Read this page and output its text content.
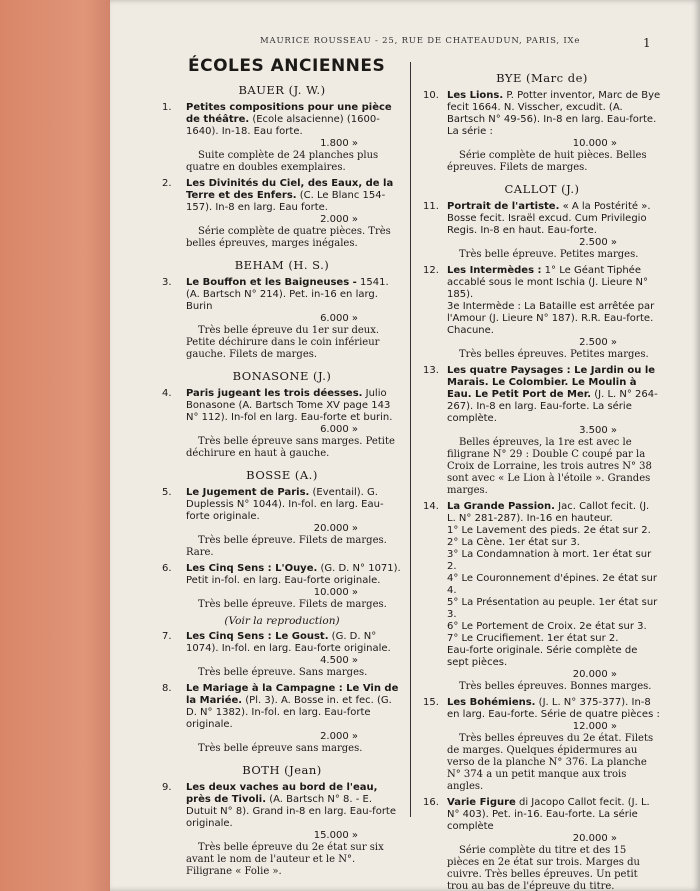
MAURICE ROUSSEAU - 25, RUE DE CHATEAUDUN, PARIS, IXe	1
ÉCOLES ANCIENNES
BAUER (J. W.)
1. Petites compositions pour une pièce de théâtre. (Ecole alsacienne) (1600-1640). In-18. Eau forte.
1.800 »
Suite complète de 24 planches plus quatre en doubles exemplaires.
2. Les Divinités du Ciel, des Eaux, de la Terre et des Enfers. (C. Le Blanc 154-157). In-8 en larg. Eau forte.
2.000 »
Série complète de quatre pièces. Très belles épreuves, marges inégales.
BEHAM (H. S.)
3. Le Bouffon et les Baigneuses - 1541. (A. Bartsch N° 214). Pet. in-16 en larg. Burin
6.000 »
Très belle épreuve du 1er sur deux. Petite déchirure dans le coin inférieur gauche. Filets de marges.
BONASONE (J.)
4. Paris jugeant les trois déesses. Julio Bonasone (A. Bartsch Tome XV page 143 N° 112). In-fol en larg. Eau-forte et burin.
6.000 »
Très belle épreuve sans marges. Petite déchirure en haut à gauche.
BOSSE (A.)
5. Le Jugement de Paris. (Eventail). G. Duplessis N° 1044). In-fol. en larg. Eau-forte originale.
20.000 »
Très belle épreuve. Filets de marges. Rare.
6. Les Cinq Sens : L'Ouye. (G. D. N° 1071). Petit in-fol. en larg. Eau-forte originale.
10.000 »
Très belle épreuve. Filets de marges.
(Voir la reproduction)
7. Les Cinq Sens : Le Goust. (G. D. N° 1074). In-fol. en larg. Eau-forte originale.
4.500 »
Très belle épreuve. Sans marges.
8. Le Mariage à la Campagne : Le Vin de la Mariée. (Pl. 3). A. Bosse in. et fec. (G. D. N° 1382). In-fol. en larg. Eau-forte originale.
2.000 »
Très belle épreuve sans marges.
BOTH (Jean)
9. Les deux vaches au bord de l'eau, près de Tivoli. (A. Bartsch N° 8. - E. Dutuit N° 8). Grand in-8 en larg. Eau-forte originale.
15.000 »
Très belle épreuve du 2e état sur six avant le nom de l'auteur et le N°. Filigrane « Folie ».
BYE (Marc de)
10. Les Lions. P. Potter inventor, Marc de Bye fecit 1664. N. Visscher, excudit. (A. Bartsch N° 49-56). In-8 en larg. Eau-forte. La série :
10.000 »
Série complète de huit pièces. Belles épreuves. Filets de marges.
CALLOT (J.)
11. Portrait de l'artiste. « A la Postérité ». Bosse fecit. Israël excud. Cum Privilegio Regis. In-8 en haut. Eau-forte.
2.500 »
Très belle épreuve. Petites marges.
12. Les Intermèdes : 1° Le Géant Tiphée accablé sous le mont Ischia (J. Lieure N° 185).
3e Intermède : La Bataille est arrêtée par l'Amour (J. Lieure N° 187). R.R. Eau-forte. Chacune.
2.500 »
Très belles épreuves. Petites marges.
13. Les quatre Paysages : Le Jardin ou le Marais. Le Colombier. Le Moulin à Eau. Le Petit Port de Mer. (J. L. N° 264-267). In-8 en larg. Eau-forte. La série complète.
3.500 »
Belles épreuves, la 1re est avec le filigrane N° 29 : Double C coupé par la Croix de Lorraine, les trois autres N° 38 sont avec « Le Lion à l'étoile ». Grandes marges.
14. La Grande Passion. Jac. Callot fecit. (J. L. N° 281-287). In-16 en hauteur.
1° Le Lavement des pieds. 2e état sur 2.
2° La Cène. 1er état sur 3.
3° La Condamnation à mort. 1er état sur 2.
4° Le Couronnement d'épines. 2e état sur 4.
5° La Présentation au peuple. 1er état sur 3.
6° Le Portement de Croix. 2e état sur 3.
7° Le Crucifiement. 1er état sur 2.
Eau-forte originale. Série complète de sept pièces.
20.000 »
Très belles épreuves. Bonnes marges.
15. Les Bohémiens. (J. L. N° 375-377). In-8 en larg. Eau-forte. Série de quatre pièces :
12.000 »
Très belles épreuves du 2e état. Filets de marges. Quelques épidermures au verso de la planche N° 376. La planche N° 374 a un petit manque aux trois angles.
16. Varie Figure di Jacopo Callot fecit. (J. L. N° 403). Pet. in-16. Eau-forte. La série complète
20.000 »
Série complète du titre et des 15 pièces en 2e état sur trois. Marges du cuivre. Très belles épreuves. Un petit trou au bas de l'épreuve du titre.
